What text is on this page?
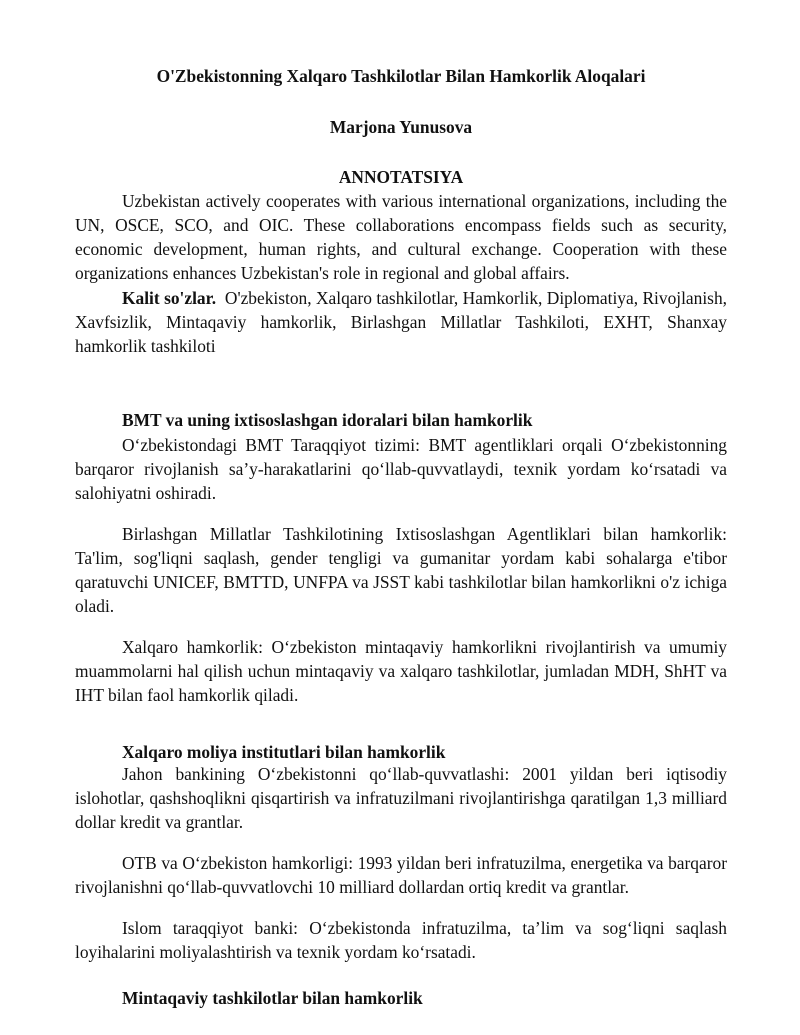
O'Zbekistonning Xalqaro Tashkilotlar Bilan Hamkorlik Aloqalari
Marjona Yunusova
ANNOTATSIYA
Uzbekistan actively cooperates with various international organizations, including the UN, OSCE, SCO, and OIC. These collaborations encompass fields such as security, economic development, human rights, and cultural exchange. Cooperation with these organizations enhances Uzbekistan's role in regional and global affairs.
Kalit so'zlar. O'zbekiston, Xalqaro tashkilotlar, Hamkorlik, Diplomatiya, Rivojlanish, Xavfsizlik, Mintaqaviy hamkorlik, Birlashgan Millatlar Tashkiloti, EXHT, Shanxay hamkorlik tashkiloti
BMT va uning ixtisoslashgan idoralari bilan hamkorlik
O‘zbekistondagi BMT Taraqqiyot tizimi: BMT agentliklari orqali O‘zbekistonning barqaror rivojlanish sa’y-harakatlarini qo‘llab-quvvatlaydi, texnik yordam ko‘rsatadi va salohiyatni oshiradi.
Birlashgan Millatlar Tashkilotining Ixtisoslashgan Agentliklari bilan hamkorlik: Ta'lim, sog'liqni saqlash, gender tengligi va gumanitar yordam kabi sohalarga e'tibor qaratuvchi UNICEF, BMTTD, UNFPA va JSST kabi tashkilotlar bilan hamkorlikni o'z ichiga oladi.
Xalqaro hamkorlik: O‘zbekiston mintaqaviy hamkorlikni rivojlantirish va umumiy muammolarni hal qilish uchun mintaqaviy va xalqaro tashkilotlar, jumladan MDH, ShHT va IHT bilan faol hamkorlik qiladi.
Xalqaro moliya institutlari bilan hamkorlik
Jahon bankining O‘zbekistonni qo‘llab-quvvatlashi: 2001 yildan beri iqtisodiy islohotlar, qashshoqlikni qisqartirish va infratuzilmani rivojlantirishga qaratilgan 1,3 milliard dollar kredit va grantlar.
OTB va O‘zbekiston hamkorligi: 1993 yildan beri infratuzilma, energetika va barqaror rivojlanishni qo‘llab-quvvatlovchi 10 milliard dollardan ortiq kredit va grantlar.
Islom taraqqiyot banki: O‘zbekistonda infratuzilma, ta’lim va sog‘liqni saqlash loyihalarini moliyalashtirish va texnik yordam ko‘rsatadi.
Mintaqaviy tashkilotlar bilan hamkorlik
